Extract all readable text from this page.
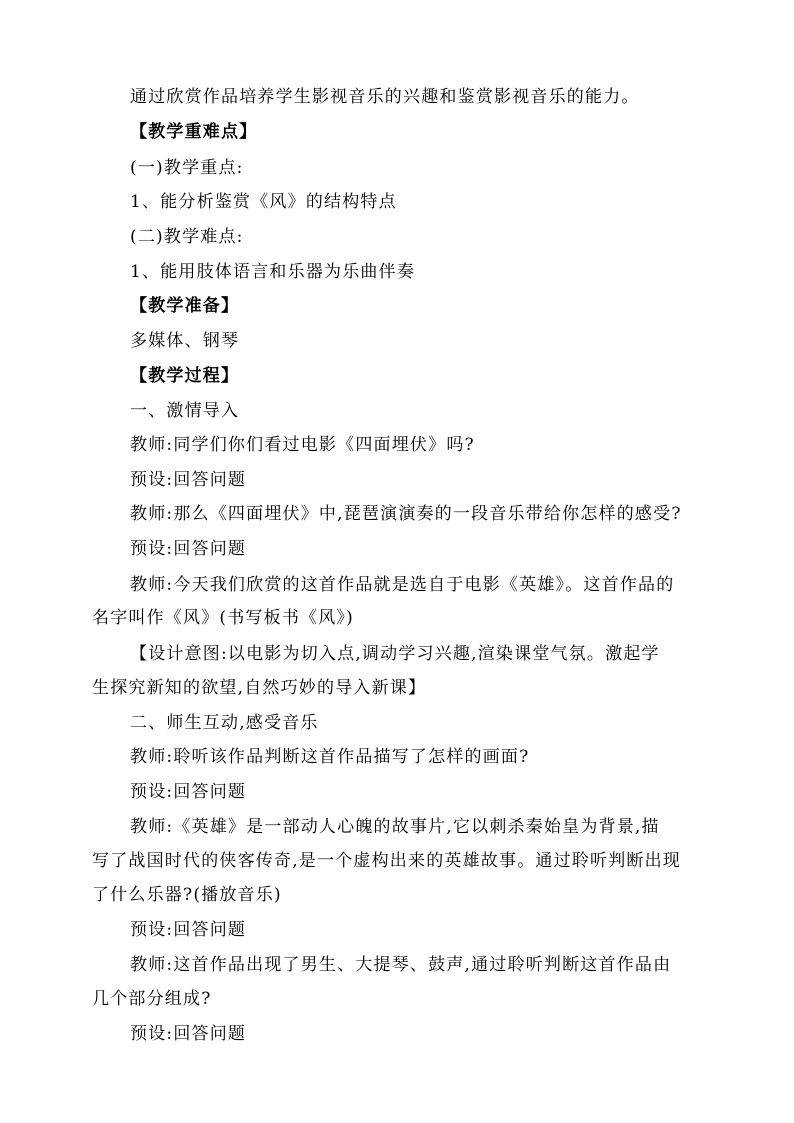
通过欣赏作品培养学生影视音乐的兴趣和鉴赏影视音乐的能力。
【教学重难点】
(一)教学重点:
1、能分析鉴赏《风》的结构特点
(二)教学难点:
1、能用肢体语言和乐器为乐曲伴奏
【教学准备】
多媒体、钢琴
【教学过程】
一、激情导入
教师:同学们你们看过电影《四面埋伏》吗?
预设:回答问题
教师:那么《四面埋伏》中,琵琶演演奏的一段音乐带给你怎样的感受?
预设:回答问题
教师:今天我们欣赏的这首作品就是选自于电影《英雄》。这首作品的
名字叫作《风》(书写板书《风》)
【设计意图:以电影为切入点,调动学习兴趣,渲染课堂气氛。激起学
生探究新知的欲望,自然巧妙的导入新课】
二、师生互动,感受音乐
教师:聆听该作品判断这首作品描写了怎样的画面?
预设:回答问题
教师:《英雄》是一部动人心魄的故事片,它以刺杀秦始皇为背景,描
写了战国时代的侠客传奇,是一个虚构出来的英雄故事。通过聆听判断出现
了什么乐器?(播放音乐)
预设:回答问题
教师:这首作品出现了男生、大提琴、鼓声,通过聆听判断这首作品由
几个部分组成?
预设:回答问题
